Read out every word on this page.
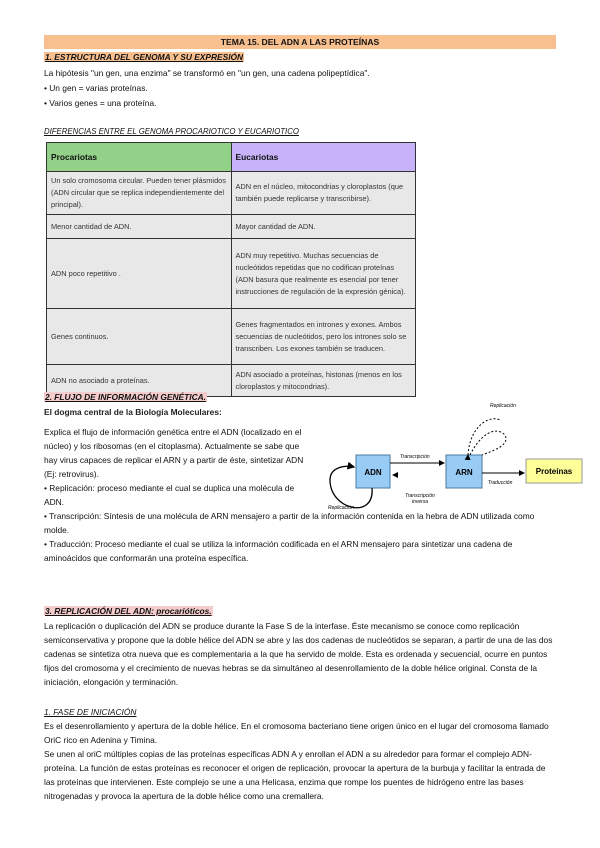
TEMA 15. DEL ADN A LAS PROTEÍNAS
1. ESTRUCTURA DEL GENOMA Y SU EXPRESIÓN
La hipótesis "un gen, una enzima" se transformó en "un gen, una cadena polipeptídica".
• Un gen = varias proteínas.
• Varios genes = una proteína.
DIFERENCIAS ENTRE EL GENOMA PROCARIOTICO Y EUCARIOTICO
Procariotas	Eucariotas
Un solo cromosoma circular. Pueden tener plásmidos (ADN circular que se replica independientemente del principal).	ADN en el núcleo, mitocondrias y cloroplastos (que también puede replicarse y transcribirse).
Menor cantidad de ADN.	Mayor cantidad de ADN.
ADN poco repetitivo .	ADN muy repetitivo. Muchas secuencias de nucleótidos repetidas que no codifican proteínas (ADN basura que realmente es esencial por tener instrucciones de regulación de la expresión génica).
Genes continuos.	Genes fragmentados en intrones y exones. Ambos secuencias de nucleótidos, pero los intrones solo se transcriben. Los exones también se traducen.
ADN no asociado a proteínas.	ADN asociado a proteínas, histonas (menos en los cloroplastos y mitocondrias).
2. FLUJO DE INFORMACIÓN GENÉTICA.
El dogma central de la Biología Moleculares:
Explica el flujo de información genética entre el ADN (localizado en el núcleo) y los ribosomas (en el citoplasma). Actualmente se sabe que hay virus capaces de replicar el ARN y a partir de éste, sintetizar ADN (Ej: retrovirus).
• Replicación: proceso mediante el cual se duplica una molécula de ADN.
• Transcripción: Síntesis de una molécula de ARN mensajero a partir de la información contenida en la hebra de ADN utilizada como molde.
• Traducción: Proceso mediante el cual se utiliza la información codificada en el ARN mensajero para sintetizar una cadena de aminoácidos que conformarán una proteína específica.
ADN	ARN	Proteínas
Transcripción
Traducción
Transcripción
inversa
Replicación
Replicación
3. REPLICACIÓN DEL ADN: procarióticos.
La replicación o duplicación del ADN se produce durante la Fase S de la interfase. Éste mecanismo se conoce como replicación semiconservativa y propone que la doble hélice del ADN se abre y las dos cadenas de nucleótidos se separan, a partir de una de las dos cadenas se sintetiza otra nueva que es complementaria a la que ha servido de molde. Esta es ordenada y secuencial, ocurre en puntos fijos del cromosoma y el crecimiento de nuevas hebras se da simultáneo al desenrollamiento de la doble hélice original. Consta de la iniciación, elongación y terminación.
1. FASE DE INICIACIÓN
Es el desenrollamiento y apertura de la doble hélice. En el cromosoma bacteriano tiene origen único en el lugar del cromosoma llamado OriC rico en Adenina y Timina.
Se unen al oriC múltiples copias de las proteínas específicas ADN A y enrollan el ADN a su alrededor para formar el complejo ADN-proteína. La función de estas proteínas es reconocer el origen de replicación, provocar la apertura de la burbuja y facilitar la entrada de las proteínas que intervienen. Este complejo se une a una Helicasa, enzima que rompe los puentes de hidrógeno entre las bases nitrogenadas y provoca la apertura de la doble hélice como una cremallera.
